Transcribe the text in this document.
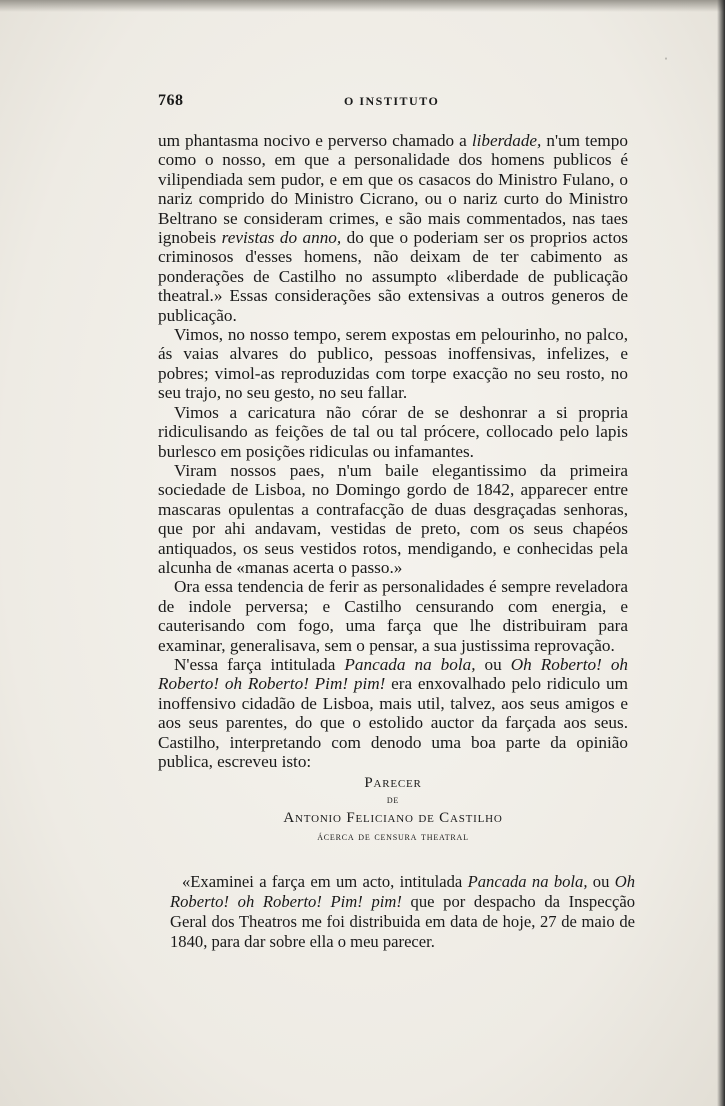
ˈ
768	O INSTITUTO

um phantasma nocivo e perverso chamado a liberdade, n'um tempo como o nosso, em que a personalidade dos homens publicos é vilipendiada sem pudor, e em que os casacos do Ministro Fulano, o nariz comprido do Ministro Cicrano, ou o nariz curto do Ministro Beltrano se consideram crimes, e são mais commentados, nas taes ignobeis revistas do anno, do que o poderiam ser os proprios actos criminosos d'esses homens, não deixam de ter cabimento as ponderações de Castilho no assumpto «liberdade de publicação theatral.» Essas considerações são extensivas a outros generos de publicação.

Vimos, no nosso tempo, serem expostas em pelourinho, no palco, ás vaias alvares do publico, pessoas inoffensivas, infelizes, e pobres; vimol-as reproduzidas com torpe exacção no seu rosto, no seu trajo, no seu gesto, no seu fallar.

Vimos a caricatura não córar de se deshonrar a si propria ridiculisando as feições de tal ou tal prócere, collocado pelo lapis burlesco em posições ridiculas ou infamantes.

Viram nossos paes, n'um baile elegantissimo da primeira sociedade de Lisboa, no Domingo gordo de 1842, apparecer entre mascaras opulentas a contrafacção de duas desgraçadas senhoras, que por ahi andavam, vestidas de preto, com os seus chapéos antiquados, os seus vestidos rotos, mendigando, e conhecidas pela alcunha de «manas acerta o passo.»

Ora essa tendencia de ferir as personalidades é sempre reveladora de indole perversa; e Castilho censurando com energia, e cauterisando com fogo, uma farça que lhe distribuiram para examinar, generalisava, sem o pensar, a sua justissima reprovação.

N'essa farça intitulada Pancada na bola, ou Oh Roberto! oh Roberto! oh Roberto! Pim! pim! era enxovalhado pelo ridiculo um inoffensivo cidadão de Lisboa, mais util, talvez, aos seus amigos e aos seus parentes, do que o estolido auctor da farçada aos seus. Castilho, interpretando com denodo uma boa parte da opinião publica, escreveu isto:

Parecer
de
Antonio Feliciano de Castilho
ácerca de censura theatral

«Examinei a farça em um acto, intitulada Pancada na bola, ou Oh Roberto! oh Roberto! Pim! pim! que por despacho da Inspecção Geral dos Theatros me foi distribuida em data de hoje, 27 de maio de 1840, para dar sobre ella o meu parecer.
